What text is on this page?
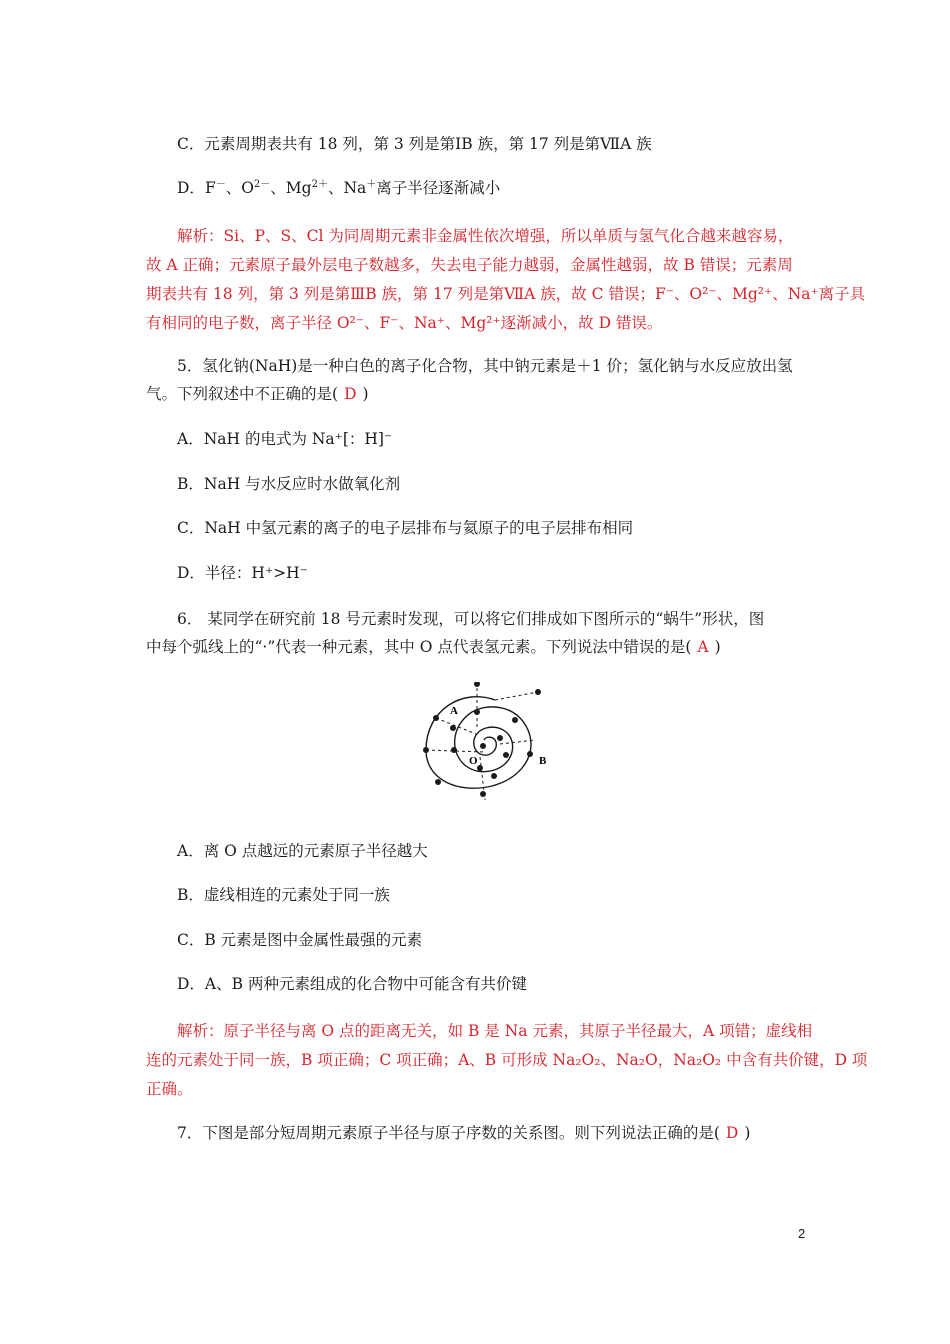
C．元素周期表共有 18 列，第 3 列是第ⅠB 族，第 17 列是第ⅦA 族
D．F－、$O^{2-}$、$Mg^{2+}$、Na＋离子半径逐渐减小
解析：Si、P、S、Cl 为同周期元素非金属性依次增强，所以单质与氢气化合越来越容易，
故 A 正确；元素原子最外层电子数越多，失去电子能力越弱，金属性越弱，故 B 错误；元素周
期表共有 18 列，第 3 列是第ⅢB 族，第 17 列是第ⅦA 族，故 C 错误；F⁻、O²⁻、Mg²⁺、Na⁺离子具
有相同的电子数，离子半径 O²⁻、F⁻、Na⁺、Mg²⁺逐渐减小，故 D 错误。
5．氢化钠(NaH)是一种白色的离子化合物，其中钠元素是＋1 价；氢化钠与水反应放出氢
气。下列叙述中不正确的是( D )
A．NaH 的电式为 Na⁺[：H]⁻
B．NaH 与水反应时水做氧化剂
C．NaH 中氢元素的离子的电子层排布与氦原子的电子层排布相同
D．半径：H⁺>H⁻
6． 某同学在研究前 18 号元素时发现，可以将它们排成如下图所示的“蜗牛”形状，图
中每个弧线上的“·”代表一种元素，其中 O 点代表氢元素。下列说法中错误的是( A )
A
B
O
A．离 O 点越远的元素原子半径越大
B．虚线相连的元素处于同一族
C．B 元素是图中金属性最强的元素
D．A、B 两种元素组成的化合物中可能含有共价键
解析：原子半径与离 O 点的距离无关，如 B 是 Na 元素，其原子半径最大，A 项错；虚线相
连的元素处于同一族，B 项正确；C 项正确；A、B 可形成 Na₂O₂、Na₂O，Na₂O₂ 中含有共价键，D 项
正确。
7．下图是部分短周期元素原子半径与原子序数的关系图。则下列说法正确的是( D )
2
